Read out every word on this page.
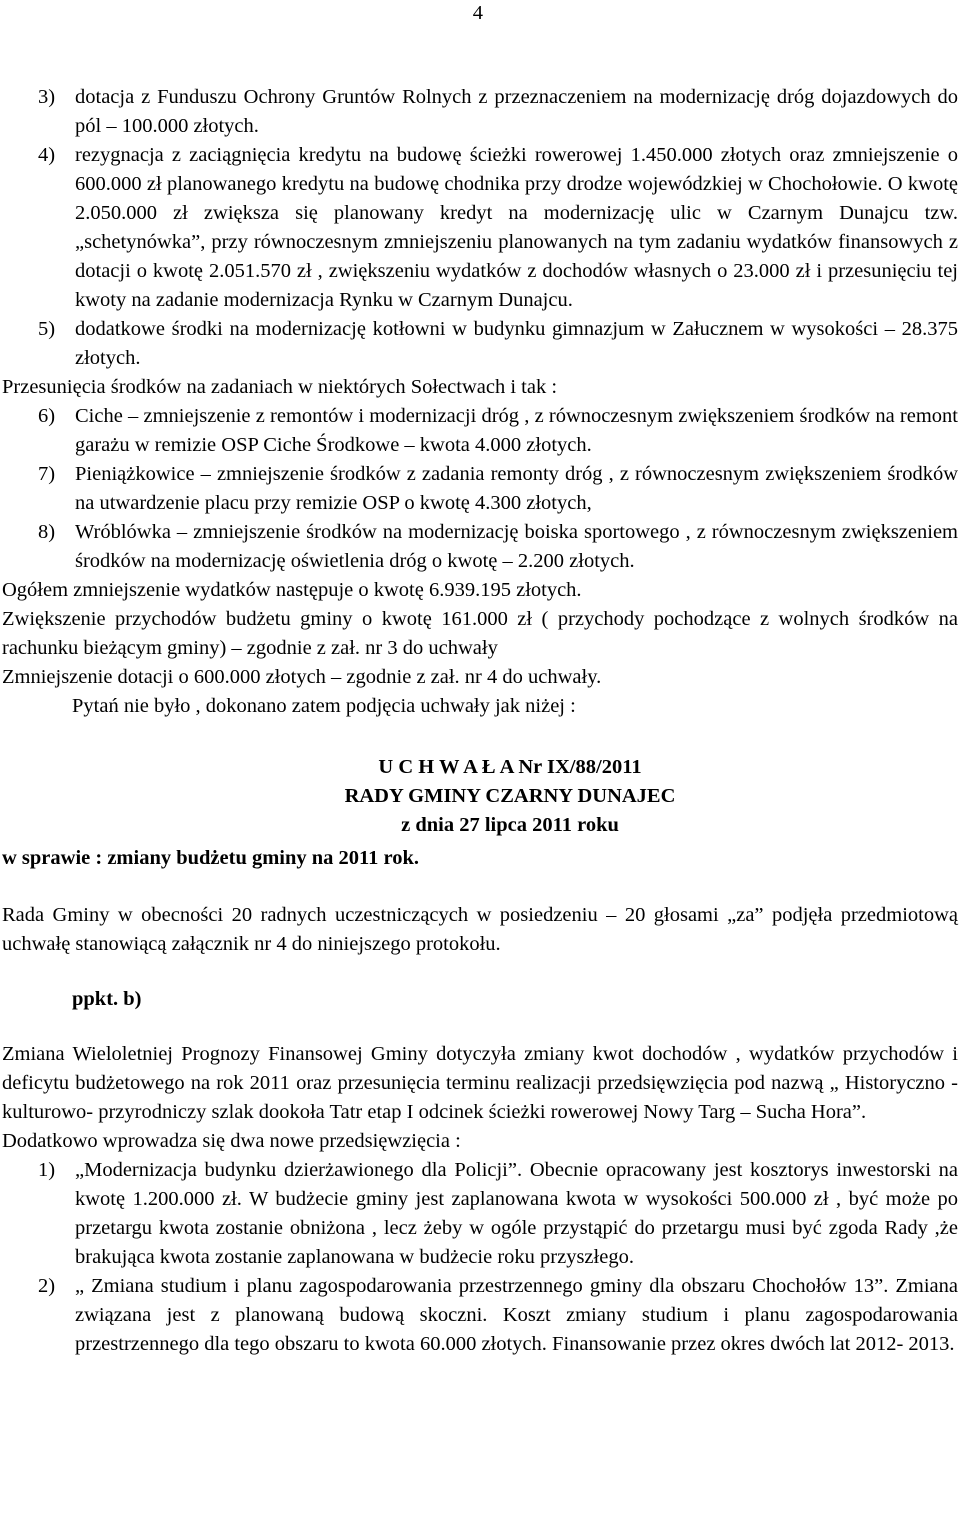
4
3) dotacja z Funduszu Ochrony Gruntów Rolnych z przeznaczeniem na modernizację dróg dojazdowych do pól – 100.000 złotych.
4) rezygnacja z zaciągnięcia kredytu na budowę ścieżki rowerowej 1.450.000 złotych oraz zmniejszenie o 600.000 zł planowanego kredytu na budowę chodnika przy drodze wojewódzkiej w Chochołowie. O kwotę 2.050.000 zł zwiększa się planowany kredyt na modernizację ulic w Czarnym Dunajcu tzw. „schetynówka”, przy równoczesnym zmniejszeniu planowanych na tym zadaniu wydatków finansowych z dotacji o kwotę 2.051.570 zł , zwiększeniu wydatków z dochodów własnych o 23.000 zł i przesunięciu tej kwoty na zadanie modernizacja Rynku w Czarnym Dunajcu.
5) dodatkowe środki na modernizację kotłowni w budynku gimnazjum w Załucznem w wysokości – 28.375 złotych.

Przesunięcia środków na zadaniach w niektórych Sołectwach i tak :

6) Ciche – zmniejszenie z remontów i modernizacji dróg , z równoczesnym zwiększeniem środków na remont garażu w remizie OSP Ciche Środkowe – kwota 4.000 złotych.
7) Pieniążkowice – zmniejszenie środków z zadania remonty dróg , z równoczesnym zwiększeniem środków na utwardzenie placu przy remizie OSP o kwotę 4.300 złotych,
8) Wróblówka – zmniejszenie środków na modernizację boiska sportowego , z równoczesnym zwiększeniem środków na modernizację oświetlenia dróg o kwotę – 2.200 złotych.

Ogółem zmniejszenie wydatków następuje o kwotę 6.939.195 złotych.

Zwiększenie przychodów budżetu gminy o kwotę 161.000 zł ( przychody pochodzące z wolnych środków na rachunku bieżącym gminy) – zgodnie z zał. nr 3 do uchwały

Zmniejszenie dotacji o 600.000 złotych – zgodnie z zał. nr 4 do uchwały.

Pytań nie było , dokonano zatem podjęcia uchwały jak niżej :

U C H W A Ł A Nr IX/88/2011
RADY GMINY CZARNY DUNAJEC
z dnia 27 lipca 2011 roku

w sprawie : zmiany budżetu gminy na 2011 rok.

Rada Gminy w obecności 20 radnych uczestniczących w posiedzeniu – 20 głosami „za” podjęła przedmiotową uchwałę stanowiącą załącznik nr 4 do niniejszego protokołu.

ppkt. b)

Zmiana Wieloletniej Prognozy Finansowej Gminy dotyczyła zmiany kwot dochodów , wydatków przychodów i deficytu budżetowego na rok 2011 oraz przesunięcia terminu realizacji przedsięwzięcia pod nazwą „ Historyczno - kulturowo- przyrodniczy szlak dookoła Tatr etap I odcinek ścieżki rowerowej Nowy Targ – Sucha Hora”.

Dodatkowo wprowadza się dwa nowe przedsięwzięcia :

1) „Modernizacja budynku dzierżawionego dla Policji”. Obecnie opracowany jest kosztorys inwestorski na kwotę 1.200.000 zł. W budżecie gminy jest zaplanowana kwota w wysokości 500.000 zł , być może po przetargu kwota zostanie obniżona , lecz żeby w ogóle przystąpić do przetargu musi być zgoda Rady ,że brakująca kwota zostanie zaplanowana w budżecie roku przyszłego.
2) „ Zmiana studium i planu zagospodarowania przestrzennego gminy dla obszaru Chochołów 13”. Zmiana związana jest z planowaną budową skoczni. Koszt zmiany studium i planu zagospodarowania przestrzennego dla tego obszaru to kwota 60.000 złotych. Finansowanie przez okres dwóch lat 2012- 2013.
